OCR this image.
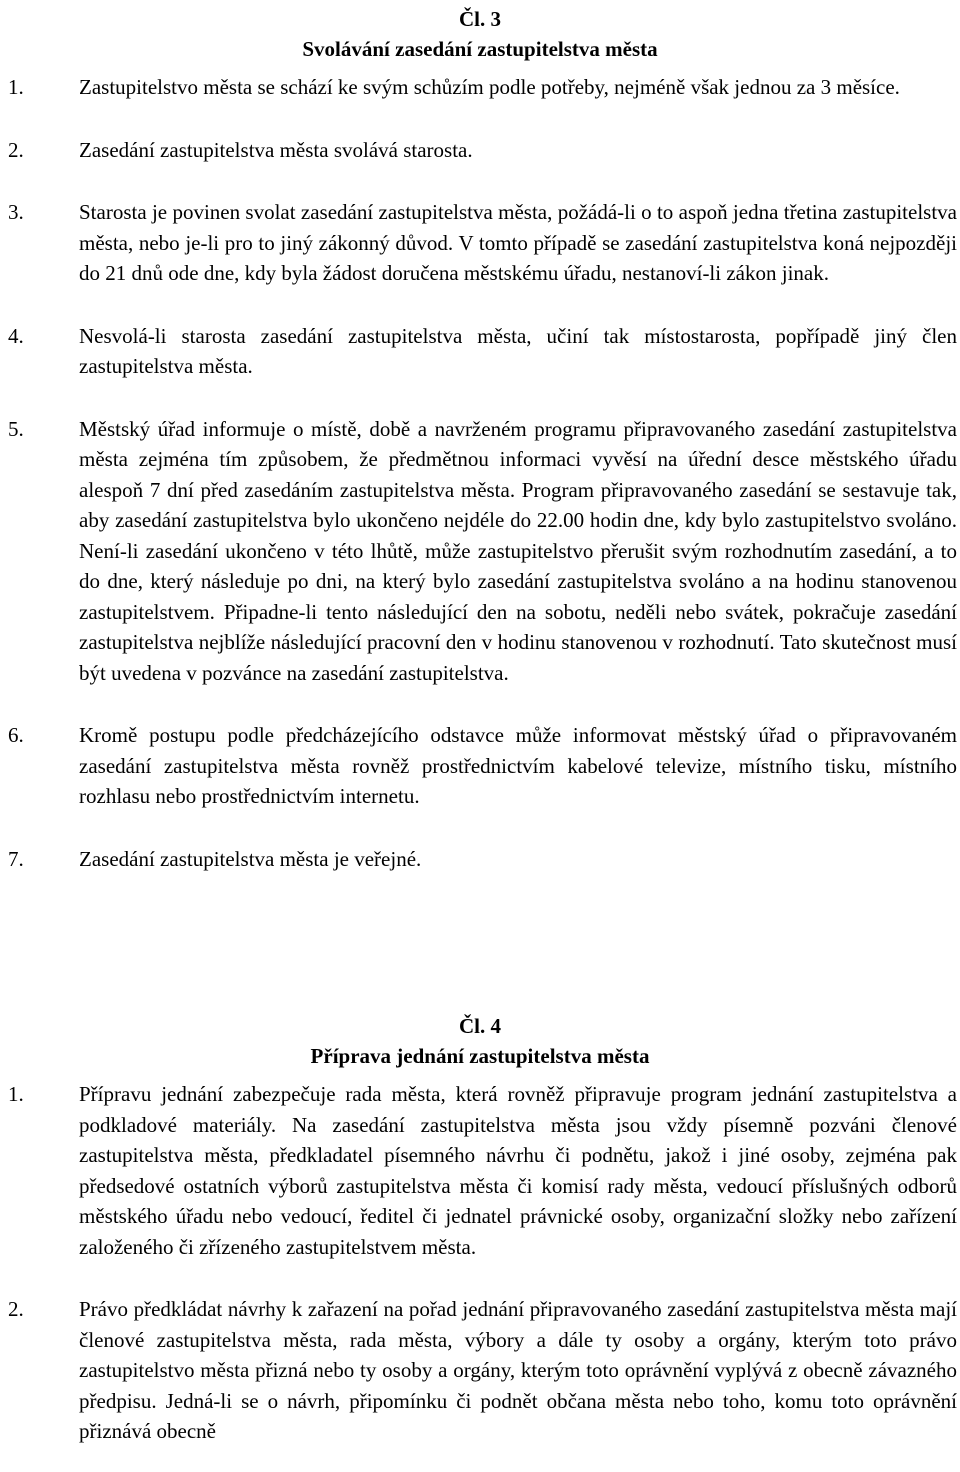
Čl. 3
Svolávání zasedání zastupitelstva města
1.	Zastupitelstvo města se schází ke svým schůzím podle potřeby, nejméně však jednou za 3 měsíce.
2.	Zasedání zastupitelstva města svolává starosta.
3.	Starosta je povinen svolat zasedání zastupitelstva města, požádá-li o to aspoň jedna třetina zastupitelstva města, nebo je-li pro to jiný zákonný důvod. V tomto případě se zasedání zastupitelstva koná nejpozději do 21 dnů ode dne, kdy byla žádost doručena městskému úřadu, nestanoví-li zákon jinak.
4.	Nesvolá-li starosta zasedání zastupitelstva města, učiní tak místostarosta, popřípadě jiný člen zastupitelstva města.
5.	Městský úřad informuje o místě, době a navrženém programu připravovaného zasedání zastupitelstva města zejména tím způsobem, že předmětnou informaci vyvěsí na úřední desce městského úřadu alespoň 7 dní před zasedáním zastupitelstva města. Program připravovaného zasedání se sestavuje tak, aby zasedání zastupitelstva bylo ukončeno nejdéle do 22.00 hodin dne, kdy bylo zastupitelstvo svoláno. Není-li zasedání ukončeno v této lhůtě, může zastupitelstvo přerušit svým rozhodnutím zasedání, a to do dne, který následuje po dni, na který bylo zasedání zastupitelstva svoláno a na hodinu stanovenou zastupitelstvem. Připadne-li tento následující den na sobotu, neděli nebo svátek, pokračuje zasedání zastupitelstva nejblíže následující pracovní den v hodinu stanovenou v rozhodnutí. Tato skutečnost musí být uvedena v pozvánce na zasedání zastupitelstva.
6.	Kromě postupu podle předcházejícího odstavce může informovat městský úřad o připravovaném zasedání zastupitelstva města rovněž prostřednictvím kabelové televize, místního tisku, místního rozhlasu nebo prostřednictvím internetu.
7.	Zasedání zastupitelstva města je veřejné.
Čl. 4
Příprava jednání zastupitelstva města
1.	Přípravu jednání zabezpečuje rada města, která rovněž připravuje program jednání zastupitelstva a podkladové materiály. Na zasedání zastupitelstva města jsou vždy písemně pozváni členové zastupitelstva města, předkladatel písemného návrhu či podnětu, jakož i jiné osoby, zejména pak předsedové ostatních výborů zastupitelstva města či komisí rady města, vedoucí příslušných odborů městského úřadu nebo vedoucí, ředitel či jednatel právnické osoby, organizační složky nebo zařízení založeného či zřízeného zastupitelstvem města.
2.	Právo předkládat návrhy k zařazení na pořad jednání připravovaného zasedání zastupitelstva města mají členové zastupitelstva města, rada města, výbory a dále ty osoby a orgány, kterým toto právo zastupitelstvo města přizná nebo ty osoby a orgány, kterým toto oprávnění vyplývá z obecně závazného předpisu. Jedná-li se o návrh, připomínku či podnět občana města nebo toho, komu toto oprávnění přiznává obecně
